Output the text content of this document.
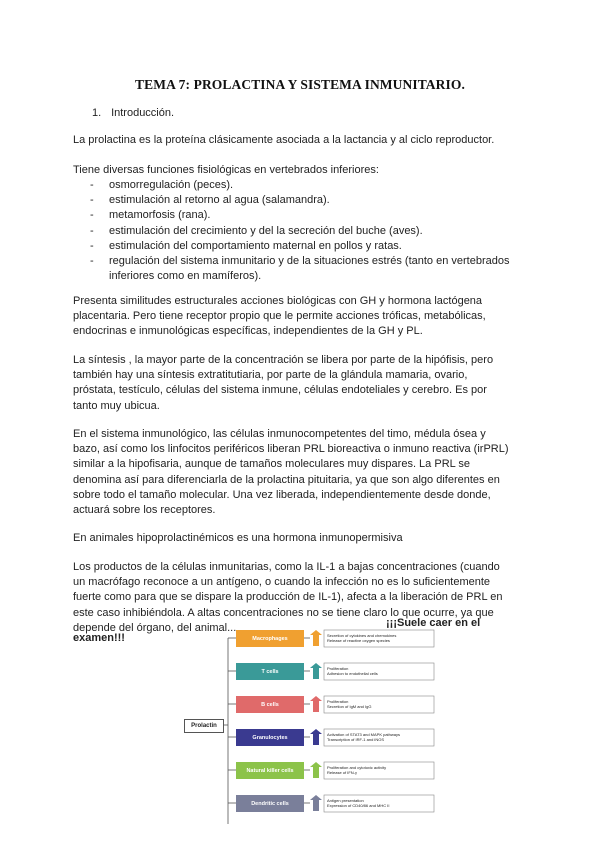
TEMA 7: PROLACTINA Y SISTEMA INMUNITARIO.
1. Introducción.
La prolactina es la proteína clásicamente asociada a la lactancia y al ciclo reproductor.
Tiene diversas funciones fisiológicas en vertebrados inferiores:
- osmorregulación (peces).
- estimulación al retorno al agua (salamandra).
- metamorfosis (rana).
- estimulación del crecimiento y del la secreción del buche (aves).
- estimulación del comportamiento maternal en pollos y ratas.
- regulación del sistema inmunitario y de la situaciones estrés (tanto en vertebrados inferiores como en mamíferos).
Presenta similitudes estructurales acciones biológicas con GH y hormona lactógena placentaria. Pero tiene receptor propio que le permite acciones tróficas, metabólicas, endocrinas e inmunológicas específicas, independientes de la GH y PL.
La síntesis , la mayor parte de la concentración se libera por parte de la hipófisis, pero también hay una síntesis extratitutiaria, por parte de la glándula mamaria, ovario, próstata, testículo, células del sistema inmune, células endoteliales y cerebro. Es por tanto muy ubicua.
En el sistema inmunológico, las células inmunocompetentes del timo, médula ósea y bazo, así como los linfocitos periféricos liberan PRL bioreactiva o inmuno reactiva (irPRL) similar a la hipofisaria, aunque de tamaños moleculares muy dispares. La PRL se denomina así para diferenciarla de la prolactina pituitaria, ya que son algo diferentes en sobre todo el tamaño molecular. Una vez liberada, independientemente desde donde, actuará sobre los receptores.
En animales hipoprolactinémicos es una hormona inmunopermisiva
Los productos de la células inmunitarias, como la IL-1 a bajas concentraciones (cuando un macrófago reconoce a un antígeno, o cuando la infección no es lo suficientemente fuerte como para que se dispare la producción de IL-1), afecta a la liberación de PRL en este caso inhibiéndola. A altas concentraciones no se tiene claro lo que ocurre, ya que depende del órgano, del animal...	¡¡¡Suele caer en el
examen!!!
Prolactin
Macrophages	Secretion of cytokines and chemokines
Release of reactive oxygen species
T cells	Proliferation
Adhesion to endothelial cells
B cells	Proliferation
Secretion of IgM and IgG
Granulocytes	Activation of STAT3 and MAPK pathways
Transcription of IRF-1 and iNOS
Natural killer cells	Proliferation and cytotoxic activity
Release of IFN-γ
Dendritic cells	Antigen presentation
Expression of CD40/86 and MHC II
